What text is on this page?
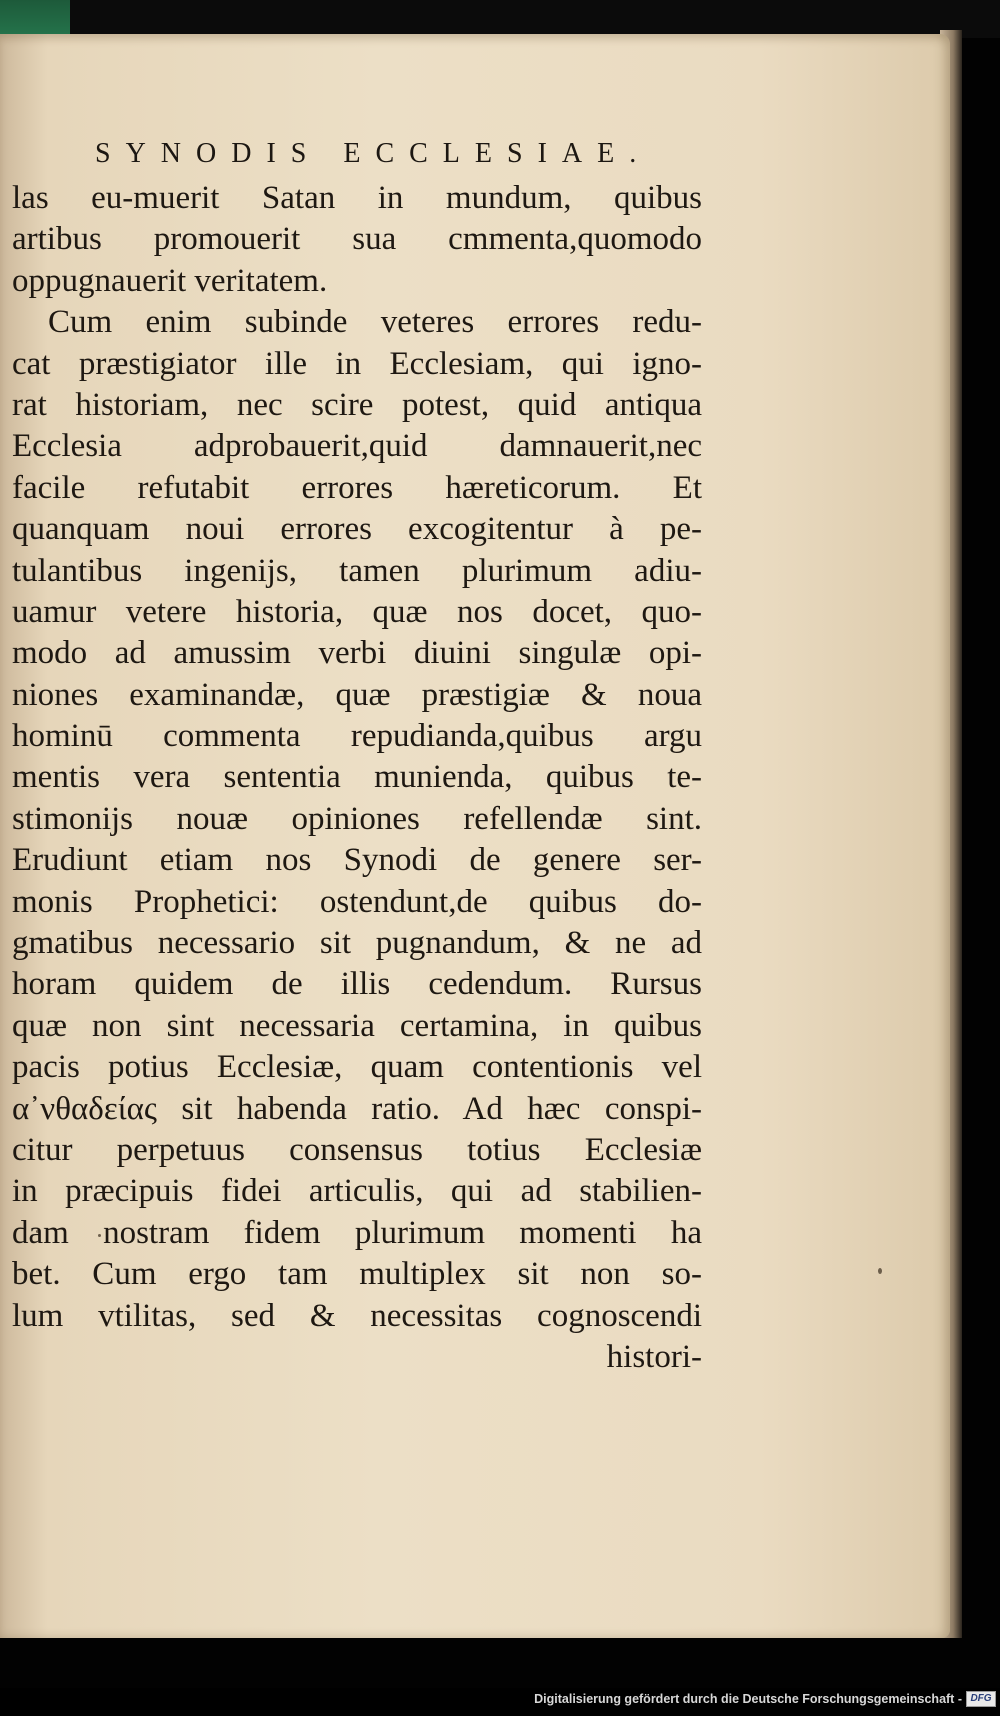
SYNODIS ECCLESIAE.
las eu-muerit Satan in mundum, quibus
artibus promouerit sua cmmenta,quomodo
oppugnauerit veritatem.
Cum enim subinde veteres errores redu-
cat præstigiator ille in Ecclesiam, qui igno-
rat historiam, nec scire potest, quid antiqua
Ecclesia adprobauerit,quid damnauerit,nec
facile refutabit errores hæreticorum. Et
quanquam noui errores excogitentur à pe-
tulantibus ingenijs, tamen plurimum adiu-
uamur vetere historia, quæ nos docet, quo-
modo ad amussim verbi diuini singulæ opi-
niones examinandæ, quæ præstigiæ & noua
hominū commenta repudianda,quibus argu
mentis vera sententia munienda, quibus te-
stimonijs nouæ opiniones refellendæ sint.
Erudiunt etiam nos Synodi de genere ser-
monis Prophetici: ostendunt,de quibus do-
gmatibus necessario sit pugnandum, & ne ad
horam quidem de illis cedendum. Rursus
quæ non sint necessaria certamina, in quibus
pacis potius Ecclesiæ, quam contentionis vel
α᾿νθαδείας sit habenda ratio. Ad hæc conspi-
citur perpetuus consensus totius Ecclesiæ
in præcipuis fidei articulis, qui ad stabilien-
dam nostram fidem plurimum momenti ha
bet. Cum ergo tam multiplex sit non so-
lum vtilitas, sed & necessitas cognoscendi
histori-

Digitalisierung gefördert durch die Deutsche Forschungsgemeinschaft - DFG
